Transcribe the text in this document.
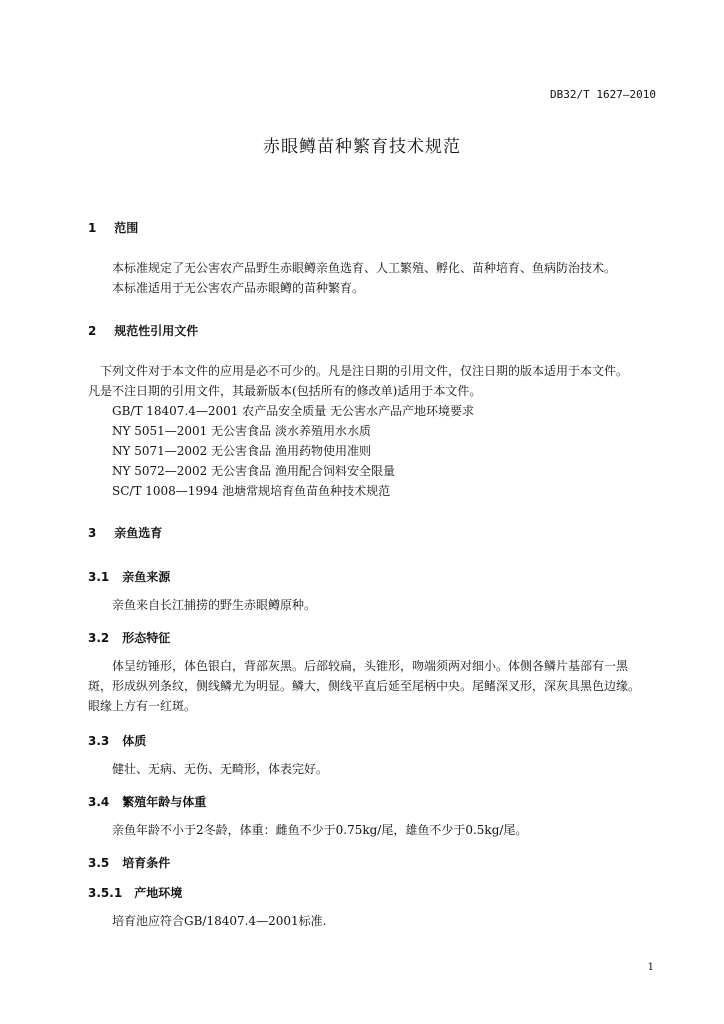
DB32/T 1627—2010
赤眼鳟苗种繁育技术规范
1 范围
本标准规定了无公害农产品野生赤眼鳟亲鱼选育、人工繁殖、孵化、苗种培育、鱼病防治技术。
本标准适用于无公害农产品赤眼鳟的苗种繁育。
2 规范性引用文件
下列文件对于本文件的应用是必不可少的。凡是注日期的引用文件，仅注日期的版本适用于本文件。
凡是不注日期的引用文件，其最新版本(包括所有的修改单)适用于本文件。
GB/T 18407.4—2001 农产品安全质量 无公害水产品产地环境要求
NY 5051—2001 无公害食品 淡水养殖用水水质
NY 5071—2002 无公害食品 渔用药物使用准则
NY 5072—2002 无公害食品 渔用配合饲料安全限量
SC/T 1008—1994 池塘常规培育鱼苗鱼种技术规范
3 亲鱼选育
3.1 亲鱼来源
亲鱼来自长江捕捞的野生赤眼鳟原种。
3.2 形态特征
体呈纺锤形，体色银白，背部灰黑。后部较扁，头锥形，吻端须两对细小。体侧各鳞片基部有一黑
斑，形成纵列条纹，侧线鳞尤为明显。鳞大，侧线平直后延至尾柄中央。尾鳍深叉形，深灰具黑色边缘。
眼缘上方有一红斑。
3.3 体质
健壮、无病、无伤、无畸形，体表完好。
3.4 繁殖年龄与体重
亲鱼年龄不小于2冬龄，体重：雌鱼不少于0.75kg/尾，雄鱼不少于0.5kg/尾。
3.5 培育条件
3.5.1 产地环境
培育池应符合GB/18407.4—2001标准.
1
